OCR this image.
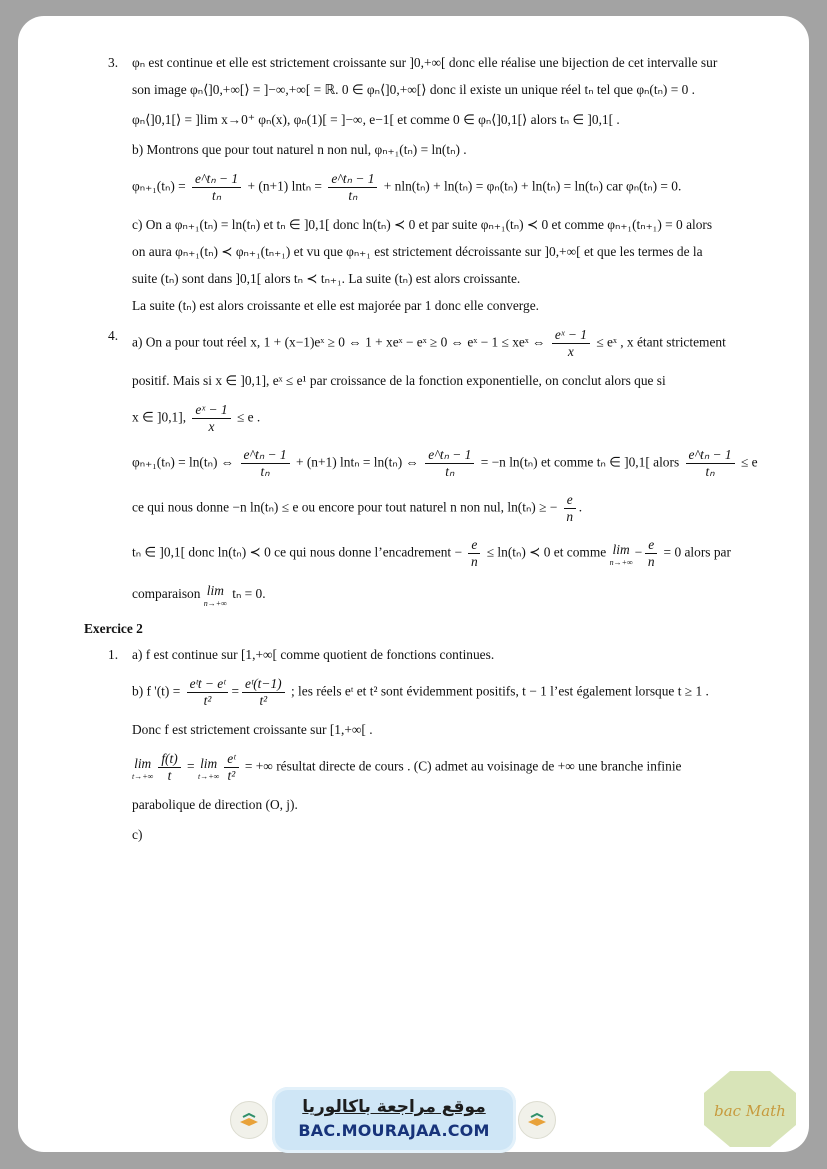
3. φₙ est continue et elle est strictement croissante sur ]0,+∞[ donc elle réalise une bijection de cet intervalle sur
son image φₙ⟨]0,+∞[⟩ = ]−∞,+∞[ = ℝ. 0 ∈ φₙ⟨]0,+∞[⟩ donc il existe un unique réel tₙ tel que φₙ(tₙ) = 0 .
φₙ⟨]0,1[⟩ = ]lim x→0⁺ φₙ(x), φₙ(1)[ = ]−∞, e−1[ et comme 0 ∈ φₙ⟨]0,1[⟩ alors tₙ ∈ ]0,1[ .
b) Montrons que pour tout naturel n non nul, φₙ₊₁(tₙ) = ln(tₙ) .
$\varphi_{n+1}(t_n) = \frac{\text{e\textasciicircum{}tₙ − 1}}{\text{tₙ}} + (n+1) \ln t_n = \frac{\text{e\textasciicircum{}tₙ − 1}}{\text{tₙ}} + nln(t_n) + \ln(t_n) = \varphi_n(t_n) + \ln(t_n) = \ln(t_n)$ car φₙ(tₙ) = 0.
c) On a φₙ₊₁(tₙ) = ln(tₙ) et tₙ ∈ ]0,1[ donc ln(tₙ) ≺ 0 et par suite φₙ₊₁(tₙ) ≺ 0 et comme φₙ₊₁(tₙ₊₁) = 0 alors
on aura φₙ₊₁(tₙ) ≺ φₙ₊₁(tₙ₊₁) et vu que φₙ₊₁ est strictement décroissante sur ]0,+∞[ et que les termes de la
suite (tₙ) sont dans ]0,1[ alors tₙ ≺ tₙ₊₁. La suite (tₙ) est alors croissante.
La suite (tₙ) est alors croissante et elle est majorée par 1 donc elle converge.
4. a) On a pour tout réel x, 1 + (x−1)eˣ ≥ 0 ⇔ 1 + xeˣ − eˣ ≥ 0 ⇔ eˣ − 1 ≤ xeˣ ⇔ $\frac{\text{eˣ − 1}}{x}$ ≤ eˣ , x étant strictement
positif. Mais si x ∈ ]0,1], eˣ ≤ e¹ par croissance de la fonction exponentielle, on conclut alors que si
x ∈ ]0,1], $\frac{\text{eˣ − 1}}{x} \le e$ .
φₙ₊₁(tₙ) = ln(tₙ) ⇔ $\frac{\text{e\textasciicircum{}tₙ − 1}}{\text{tₙ}} + (n+1) \ln t_n = \ln(t_n)$ ⇔ $\frac{\text{e\textasciicircum{}tₙ − 1}}{\text{tₙ}} = -n$ ln(tₙ) et comme tₙ ∈ ]0,1[ alors $\frac{\text{e\textasciicircum{}tₙ − 1}}{\text{tₙ}} \le e$
ce qui nous donne −n ln(tₙ) ≤ e ou encore pour tout naturel n non nul, ln(tₙ) ≥ − $\frac{e}{n}$ .
tₙ ∈ ]0,1[ donc ln(tₙ) ≺ 0 ce qui nous donne l’encadrement − $\frac{e}{n} \le \ln(t_n)$ ≺ 0 et comme lim
n→+∞
− $\frac{e}{n} = 0$ alors par
comparaison lim
n→+∞
tₙ = 0.
Exercice 2
1. a) f est continue sur [1,+∞[ comme quotient de fonctions continues.
b) f '$(t) = \frac{\text{eᵗt − eᵗ}}{\text{t²}} = \frac{\text{eᵗ(t−1)}}{\text{t²}}$ ; les réels eᵗ et t² sont évidemment positifs, t − 1 l’est également lorsque t ≥ 1 .
Donc f est strictement croissante sur [1,+∞[ .
lim
$t\to+\infty \frac{f(t)}{t} = \lim$
$t\to+\infty \frac{\text{eᵗ}}{\text{t²}}$ = +∞ résultat directe de cours . (C) admet au voisinage de +∞ une branche infinie
parabolique de direction (O, j).
c)
موقع مراجعة باكالوريا
BAC.MOURAJAA.COM
bac Math
